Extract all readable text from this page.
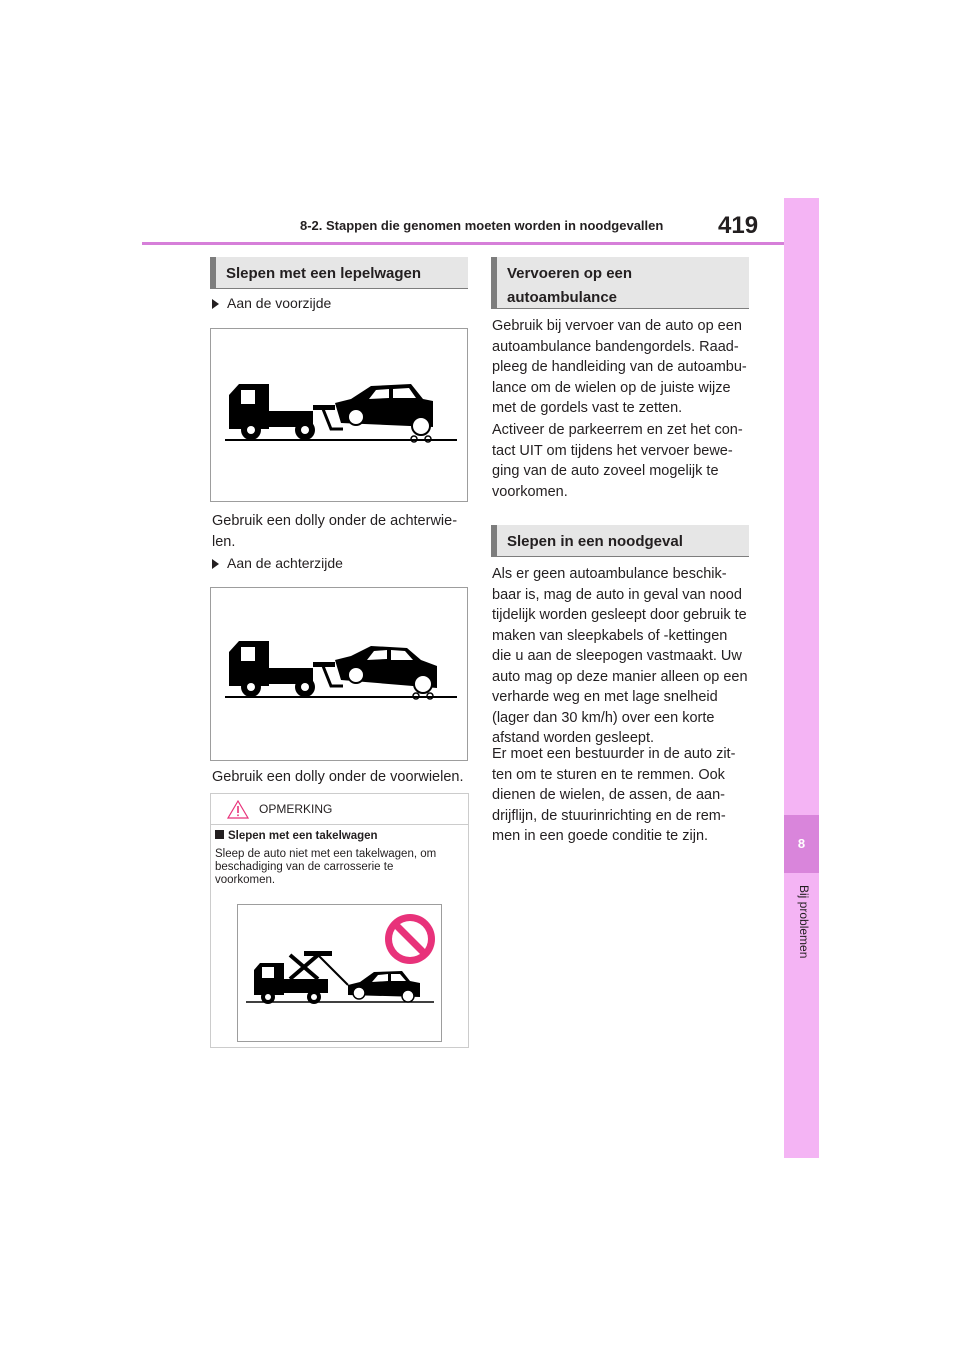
8-2. Stappen die genomen moeten worden in noodgevallen	419
8
Bij problemen
Slepen met een lepelwagen
Aan de voorzijde
Gebruik een dolly onder de achterwie-len.
Aan de achterzijde
Gebruik een dolly onder de voorwielen.
OPMERKING
Slepen met een takelwagen
Sleep de auto niet met een takelwagen, om beschadiging van de carrosserie te voorkomen.
Vervoeren op een autoambulance
Gebruik bij vervoer van de auto op een autoambulance bandengordels. Raad-pleeg de handleiding van de autoambu-lance om de wielen op de juiste wijze met de gordels vast te zetten.
Activeer de parkeerrem en zet het con-tact UIT om tijdens het vervoer bewe-ging van de auto zoveel mogelijk te voorkomen.
Slepen in een noodgeval
Als er geen autoambulance beschik-baar is, mag de auto in geval van nood tijdelijk worden gesleept door gebruik te maken van sleepkabels of -kettingen die u aan de sleepogen vastmaakt. Uw auto mag op deze manier alleen op een verharde weg en met lage snelheid (lager dan 30 km/h) over een korte afstand worden gesleept.
Er moet een bestuurder in de auto zit-ten om te sturen en te remmen. Ook dienen de wielen, de assen, de aan-drijflijn, de stuurinrichting en de rem-men in een goede conditie te zijn.
